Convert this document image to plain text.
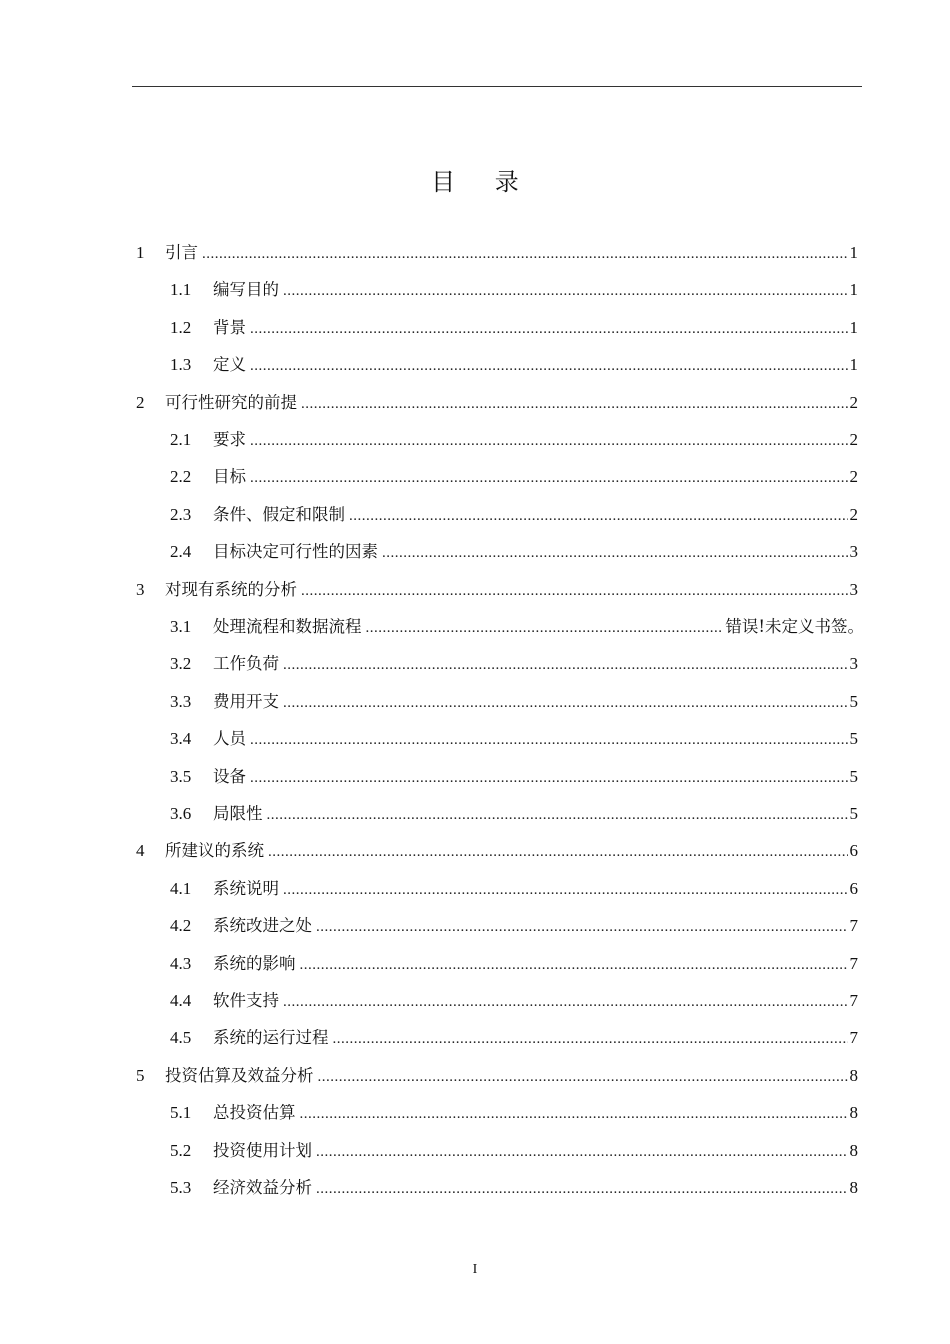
目 录
1	引言 .....	1
1.1	编写目的 .....	1
1.2	背景 .....	1
1.3	定义 .....	1
2	可行性研究的前提 .....	2
2.1	要求 .....	2
2.2	目标 .....	2
2.3	条件、假定和限制 .....	2
2.4	目标决定可行性的因素 .....	3
3	对现有系统的分析 .....	3
3.1	处理流程和数据流程 .....	错误!未定义书签。
3.2	工作负荷 .....	3
3.3	费用开支 .....	5
3.4	人员 .....	5
3.5	设备 .....	5
3.6	局限性 .....	5
4	所建议的系统 .....	6
4.1	系统说明 .....	6
4.2	系统改进之处 .....	7
4.3	系统的影响 .....	7
4.4	软件支持 .....	7
4.5	系统的运行过程 .....	7
5	投资估算及效益分析 .....	8
5.1	总投资估算 .....	8
5.2	投资使用计划 .....	8
5.3	经济效益分析 .....	8
I
